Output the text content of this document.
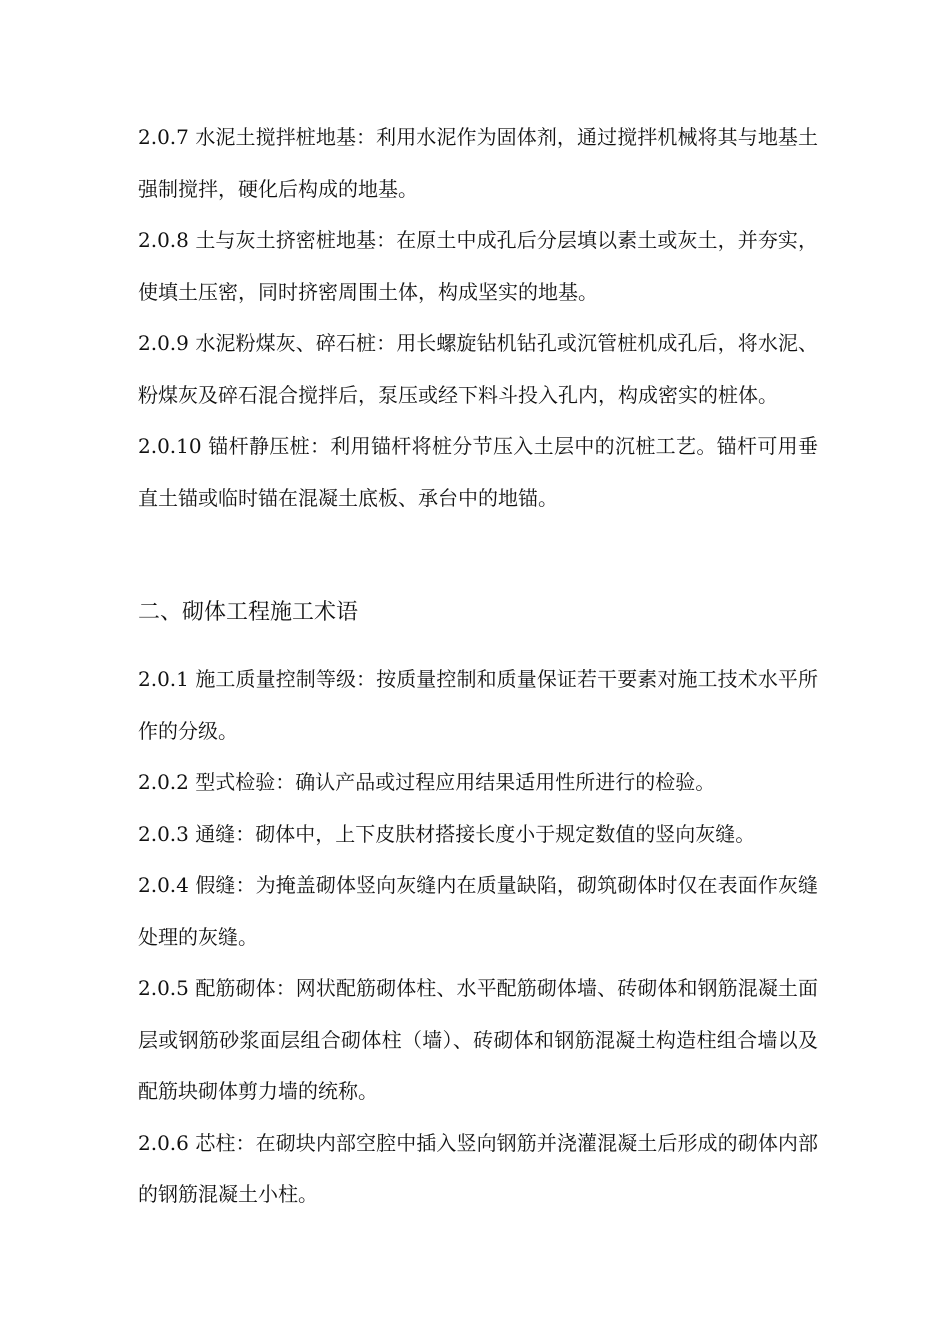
2.0.7 水泥土搅拌桩地基：利用水泥作为固体剂，通过搅拌机械将其与地基土强制搅拌，硬化后构成的地基。

2.0.8 土与灰土挤密桩地基：在原土中成孔后分层填以素土或灰土，并夯实，使填土压密，同时挤密周围土体，构成坚实的地基。

2.0.9 水泥粉煤灰、碎石桩：用长螺旋钻机钻孔或沉管桩机成孔后，将水泥、粉煤灰及碎石混合搅拌后，泵压或经下料斗投入孔内，构成密实的桩体。

2.0.10 锚杆静压桩：利用锚杆将桩分节压入土层中的沉桩工艺。锚杆可用垂直土锚或临时锚在混凝土底板、承台中的地锚。

二、砌体工程施工术语

2.0.1 施工质量控制等级：按质量控制和质量保证若干要素对施工技术水平所作的分级。

2.0.2 型式检验：确认产品或过程应用结果适用性所进行的检验。

2.0.3 通缝：砌体中，上下皮肤材搭接长度小于规定数值的竖向灰缝。

2.0.4 假缝：为掩盖砌体竖向灰缝内在质量缺陷，砌筑砌体时仅在表面作灰缝处理的灰缝。

2.0.5 配筋砌体：网状配筋砌体柱、水平配筋砌体墙、砖砌体和钢筋混凝土面层或钢筋砂浆面层组合砌体柱（墙）、砖砌体和钢筋混凝土构造柱组合墙以及配筋块砌体剪力墙的统称。

2.0.6 芯柱：在砌块内部空腔中插入竖向钢筋并浇灌混凝土后形成的砌体内部的钢筋混凝土小柱。
